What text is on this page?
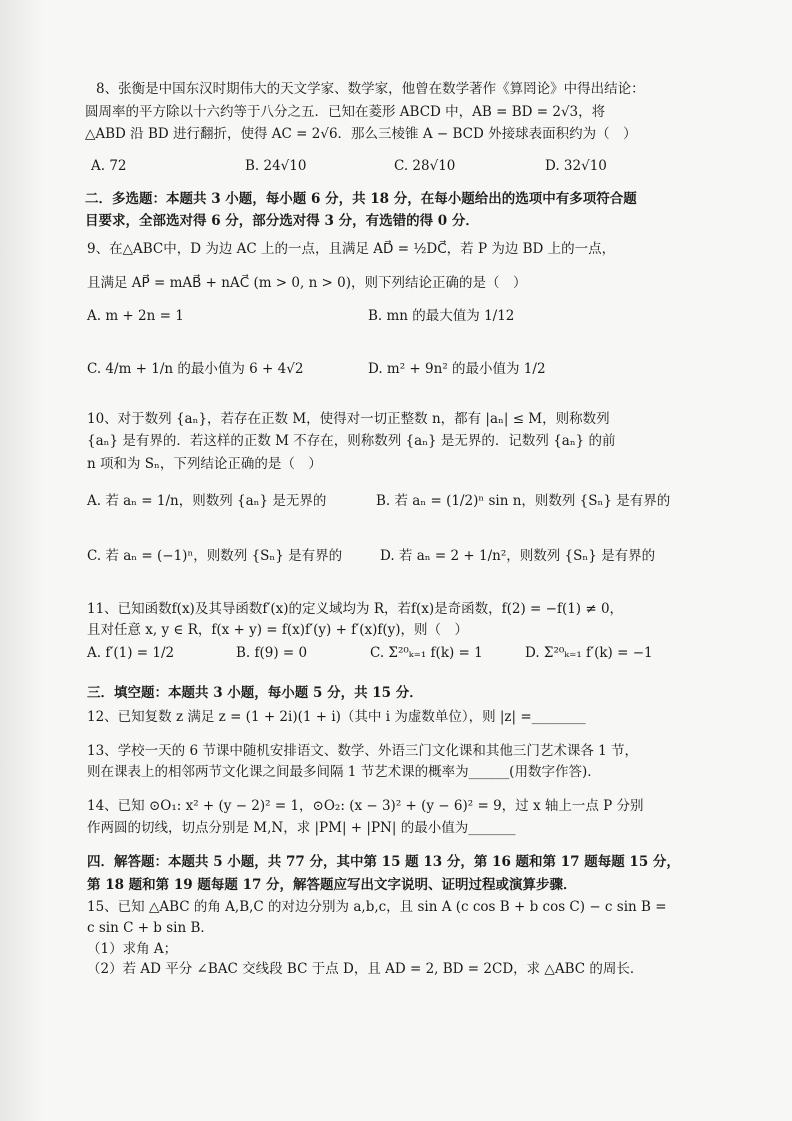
8、张衡是中国东汉时期伟大的天文学家、数学家，他曾在数学著作《算罔论》中得出结论：
圆周率的平方除以十六约等于八分之五．已知在菱形 ABCD 中，AB = BD = 2√3，将
△ABD 沿 BD 进行翻折，使得 AC = 2√6．那么三棱锥 A − BCD 外接球表面积约为（　）
A. 72	B. 24√10	C. 28√10	D. 32√10
二．多选题：本题共 3 小题，每小题 6 分，共 18 分，在每小题给出的选项中有多项符合题
目要求，全部选对得 6 分，部分选对得 3 分，有选错的得 0 分．
9、在△ABC中，D 为边 AC 上的一点，且满足 AD⃗ = ½DC⃗，若 P 为边 BD 上的一点，
且满足 AP⃗ = mAB⃗ + nAC⃗ (m > 0, n > 0)，则下列结论正确的是（　）
A. m + 2n = 1	B. mn 的最大值为 1/12
C. 4/m + 1/n 的最小值为 6 + 4√2	D. m² + 9n² 的最小值为 1/2
10、对于数列 {aₙ}，若存在正数 M，使得对一切正整数 n，都有 |aₙ| ≤ M，则称数列
{aₙ} 是有界的．若这样的正数 M 不存在，则称数列 {aₙ} 是无界的．记数列 {aₙ} 的前
n 项和为 Sₙ，下列结论正确的是（　）
A. 若 aₙ = 1/n，则数列 {aₙ} 是无界的	B. 若 aₙ = (1/2)ⁿ sin n，则数列 {Sₙ} 是有界的
C. 若 aₙ = (−1)ⁿ，则数列 {Sₙ} 是有界的	D. 若 aₙ = 2 + 1/n²，则数列 {Sₙ} 是有界的
11、已知函数f(x)及其导函数f′(x)的定义域均为 R，若f(x)是奇函数，f(2) = −f(1) ≠ 0，
且对任意 x, y ∈ R，f(x + y) = f(x)f′(y) + f′(x)f(y)，则（　）
A. f′(1) = 1/2	B. f(9) = 0	C. Σ²⁰ₖ₌₁ f(k) = 1	D. Σ²⁰ₖ₌₁ f′(k) = −1
三．填空题：本题共 3 小题，每小题 5 分，共 15 分．
12、已知复数 z 满足 z = (1 + 2i)(1 + i)（其中 i 为虚数单位），则 |z| =________
13、学校一天的 6 节课中随机安排语文、数学、外语三门文化课和其他三门艺术课各 1 节，
则在课表上的相邻两节文化课之间最多间隔 1 节艺术课的概率为______(用数字作答)．
14、已知 ⊙O₁: x² + (y − 2)² = 1，⊙O₂: (x − 3)² + (y − 6)² = 9，过 x 轴上一点 P 分别
作两圆的切线，切点分别是 M,N，求 |PM| + |PN| 的最小值为_______
四．解答题：本题共 5 小题，共 77 分，其中第 15 题 13 分，第 16 题和第 17 题每题 15 分，
第 18 题和第 19 题每题 17 分，解答题应写出文字说明、证明过程或演算步骤．
15、已知 △ABC 的角 A,B,C 的对边分别为 a,b,c，且 sin A (c cos B + b cos C) − c sin B =
c sin C + b sin B．
（1）求角 A；
（2）若 AD 平分 ∠BAC 交线段 BC 于点 D，且 AD = 2, BD = 2CD，求 △ABC 的周长．
